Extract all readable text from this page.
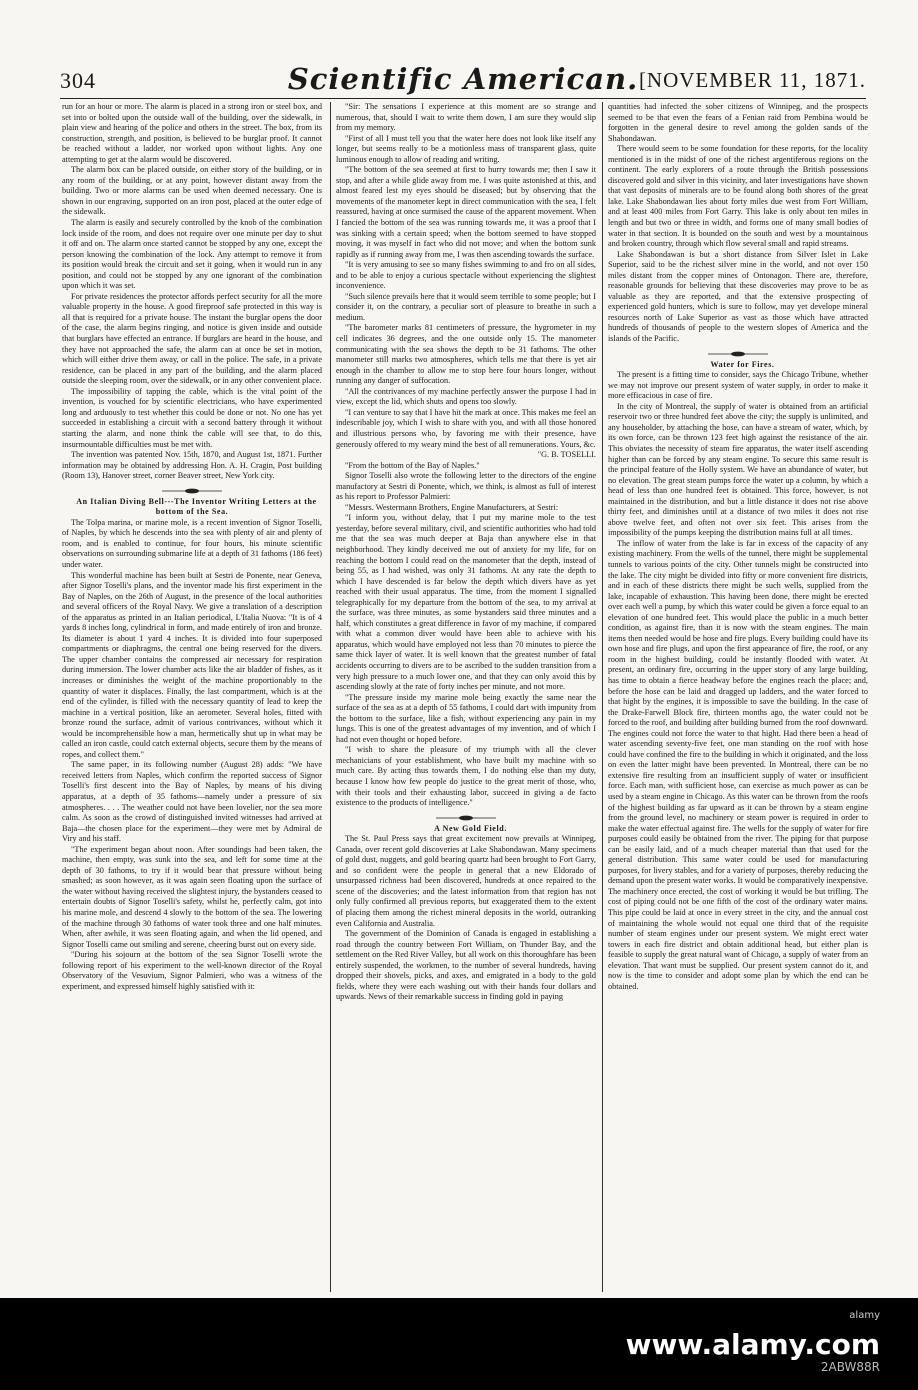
304	Scientific American. [NOVEMBER 11, 1871.

run for an hour or more. The alarm is placed in a strong iron or steel box, and set into or bolted upon the outside wall of the building, over the sidewalk, in plain view and hearing of the police and others in the street. The box, from its construction, strength, and position, is believed to be burglar proof. It cannot be reached without a ladder, nor worked upon without lights. Any one attempting to get at the alarm would be discovered.

The alarm box can be placed outside, on either story of the building, or in any room of the building, or at any point, however distant away from the building. Two or more alarms can be used when deemed necessary. One is shown in our engraving, supported on an iron post, placed at the outer edge of the sidewalk.

The alarm is easily and securely controlled by the knob of the combination lock inside of the room, and does not require over one minute per day to shut it off and on. The alarm once started cannot be stopped by any one, except the person knowing the combination of the lock. Any attempt to remove it from its position would break the circuit and set it going, when it would run in any position, and could not be stopped by any one ignorant of the combination upon which it was set.

For private residences the protector affords perfect security for all the more valuable property in the house. A good fireproof safe protected in this way is all that is required for a private house. The instant the burglar opens the door of the case, the alarm begins ringing, and notice is given inside and outside that burglars have effected an entrance. If burglars are heard in the house, and they have not approached the safe, the alarm can at once be set in motion, which will either drive them away, or call in the police. The safe, in a private residence, can be placed in any part of the building, and the alarm placed outside the sleeping room, over the sidewalk, or in any other convenient place.

The impossibility of tapping the cable, which is the vital point of the invention, is vouched for by scientific electricians, who have experimented long and arduously to test whether this could be done or not. No one has yet succeeded in establishing a circuit with a second battery through it without starting the alarm, and none think the cable will see that, to do this, insurmountable difficulties must be met with.

The invention was patented Nov. 15th, 1870, and August 1st, 1871. Further information may be obtained by addressing Hon. A. H. Cragin, Post building (Room 13), Hanover street, corner Beaver street, New York city.

An Italian Diving Bell---The Inventor Writing Letters at the bottom of the Sea.

The Tolpa marina, or marine mole, is a recent invention of Signor Toselli, of Naples, by which he descends into the sea with plenty of air and plenty of room, and is enabled to continue, for four hours, his minute scientific observations on surrounding submarine life at a depth of 31 fathoms (186 feet) under water.

This wonderful machine has been built at Sestri de Ponente, near Geneva, after Signor Toselli's plans, and the inventor made his first experiment in the Bay of Naples, on the 26th of August, in the presence of the local authorities and several officers of the Royal Navy. We give a translation of a description of the apparatus as printed in an Italian periodical, L'Italia Nuova: "It is of 4 yards 8 inches long, cylindrical in form, and made entirely of iron and bronze. Its diameter is about 1 yard 4 inches. It is divided into four superposed compartments or diaphragms, the central one being reserved for the divers. The upper chamber contains the compressed air necessary for respiration during immersion. The lower chamber acts like the air bladder of fishes, as it increases or diminishes the weight of the machine proportionably to the quantity of water it displaces. Finally, the last compartment, which is at the end of the cylinder, is filled with the necessary quantity of lead to keep the machine in a vertical position, like an aerometer. Several holes, fitted with bronze round the surface, admit of various contrivances, without which it would be incomprehensible how a man, hermetically shut up in what may be called an iron castle, could catch external objects, secure them by the means of ropes, and collect them."

The same paper, in its following number (August 28) adds: "We have received letters from Naples, which confirm the reported success of Signor Toselli's first descent into the Bay of Naples, by means of his diving apparatus, at a depth of 35 fathoms—namely under a pressure of six atmospheres. . . . The weather could not have been lovelier, nor the sea more calm. As soon as the crowd of distinguished invited witnesses had arrived at Baja—the chosen place for the experiment—they were met by Admiral de Viry and his staff.

"The experiment began about noon. After soundings had been taken, the machine, then empty, was sunk into the sea, and left for some time at the depth of 30 fathoms, to try if it would bear that pressure without being smashed; as soon however, as it was again seen floating upon the surface of the water without having received the slightest injury, the bystanders ceased to entertain doubts of Signor Toselli's safety, whilst he, perfectly calm, got into his marine mole, and descend 4 slowly to the bottom of the sea. The lowering of the machine through 30 fathoms of water took three and one half minutes. When, after awhile, it was seen floating again, and when the lid opened, and Signor Toselli came out smiling and serene, cheering burst out on every side.

"During his sojourn at the bottom of the sea Signor Toselli wrote the following report of his experiment to the well-known director of the Royal Observatory of the Vesuvium, Signor Palmieri, who was a witness of the experiment, and expressed himself highly satisfied with it:

"Sir: The sensations I experience at this moment are so strange and numerous, that, should I wait to write them down, I am sure they would slip from my memory.

"First of all I must tell you that the water here does not look like itself any longer, but seems really to be a motionless mass of transparent glass, quite luminous enough to allow of reading and writing.

"The bottom of the sea seemed at first to hurry towards me; then I saw it stop, and after a while glide away from me. I was quite astonished at this, and almost feared lest my eyes should be diseased; but by observing that the movements of the manometer kept in direct communication with the sea, I felt reassured, having at once surmised the cause of the apparent movement. When I fancied the bottom of the sea was running towards me, it was a proof that I was sinking with a certain speed; when the bottom seemed to have stopped moving, it was myself in fact who did not move; and when the bottom sunk rapidly as if running away from me, I was then ascending towards the surface.

"It is very amusing to see so many fishes swimming to and fro on all sides, and to be able to enjoy a curious spectacle without experiencing the slightest inconvenience.

"Such silence prevails here that it would seem terrible to some people; but I consider it, on the contrary, a peculiar sort of pleasure to breathe in such a medium.

"The barometer marks 81 centimeters of pressure, the hygrometer in my cell indicates 36 degrees, and the one outside only 15. The manometer communicating with the sea shows the depth to be 31 fathoms. The other manometer still marks two atmospheres, which tells me that there is yet air enough in the chamber to allow me to stop here four hours longer, without running any danger of suffocation.

"All the contrivances of my machine perfectly answer the purpose I had in view, except the lid, which shuts and opens too slowly.

"I can venture to say that I have hit the mark at once. This makes me feel an indescribable joy, which I wish to share with you, and with all those honored and illustrious persons who, by favoring me with their presence, have generously offered to my weary mind the best of all remunerations. Yours, &c.

"G. B. TOSELLI.

"From the bottom of the Bay of Naples."

Signor Toselli also wrote the following letter to the directors of the engine manufactory at Sestri di Ponente, which, we think, is almost as full of interest as his report to Professor Palmieri:

"Messrs. Westermann Brothers, Engine Manufacturers, at Sestri:

"I inform you, without delay, that I put my marine mole to the test yesterday, before several military, civil, and scientific authorities who had told me that the sea was much deeper at Baja than anywhere else in that neighborhood. They kindly deceived me out of anxiety for my life, for on reaching the bottom I could read on the manometer that the depth, instead of being 55, as I had wished, was only 31 fathoms. At any rate the depth to which I have descended is far below the depth which divers have as yet reached with their usual apparatus. The time, from the moment I signalled telegraphically for my departure from the bottom of the sea, to my arrival at the surface, was three minutes, as some bystanders said three minutes and a half, which constitutes a great difference in favor of my machine, if compared with what a common diver would have been able to achieve with his apparatus, which would have employed not less than 70 minutes to pierce the same thick layer of water. It is well known that the greatest number of fatal accidents occurring to divers are to be ascribed to the sudden transition from a very high pressure to a much lower one, and that they can only avoid this by ascending slowly at the rate of forty inches per minute, and not more.

"The pressure inside my marine mole being exactly the same near the surface of the sea as at a depth of 55 fathoms, I could dart with impunity from the bottom to the surface, like a fish, without experiencing any pain in my lungs. This is one of the greatest advantages of my invention, and of which I had not even thought or hoped before.

"I wish to share the pleasure of my triumph with all the clever mechanicians of your establishment, who have built my machine with so much care. By acting thus towards them, I do nothing else than my duty, because I know how few people do justice to the great merit of those, who, with their tools and their exhausting labor, succeed in giving a de facto existence to the products of intelligence."

A New Gold Field.

The St. Paul Press says that great excitement now prevails at Winnipeg, Canada, over recent gold discoveries at Lake Shabondawan. Many specimens of gold dust, nuggets, and gold bearing quartz had been brought to Fort Garry, and so confident were the people in general that a new Eldorado of unsurpassed richness had been discovered, hundreds at once repaired to the scene of the discoveries; and the latest information from that region has not only fully confirmed all previous reports, but exaggerated them to the extent of placing them among the richest mineral deposits in the world, outranking even California and Australia.

The government of the Dominion of Canada is engaged in establishing a road through the country between Fort William, on Thunder Bay, and the settlement on the Red River Valley, but all work on this thoroughfare has been entirely suspended, the workmen, to the number of several hundreds, having dropped their shovels, picks, and axes, and emigrated in a body to the gold fields, where they were each washing out with their hands four dollars and upwards. News of their remarkable success in finding gold in paying

quantities had infected the sober citizens of Winnipeg, and the prospects seemed to be that even the fears of a Fenian raid from Pembina would be forgotten in the general desire to revel among the golden sands of the Shabondawan.

There would seem to be some foundation for these reports, for the locality mentioned is in the midst of one of the richest argentiferous regions on the continent. The early explorers of a route through the British possessions discovered gold and silver in this vicinity, and later investigations have shown that vast deposits of minerals are to be found along both shores of the great lake. Lake Shabondawan lies about forty miles due west from Fort William, and at least 400 miles from Fort Garry. This lake is only about ten miles in length and but two or three in width, and forms one of many small bodies of water in that section. It is bounded on the south and west by a mountainous and broken country, through which flow several small and rapid streams.

Lake Shabondawan is but a short distance from Silver Islet in Lake Superior, said to be the richest silver mine in the world, and not over 150 miles distant from the copper mines of Ontonagon. There are, therefore, reasonable grounds for believing that these discoveries may prove to be as valuable as they are reported, and that the extensive prospecting of experienced gold hunters, which is sure to follow, may yet develope mineral resources north of Lake Superior as vast as those which have attracted hundreds of thousands of people to the western slopes of America and the islands of the Pacific.

Water for Fires.

The present is a fitting time to consider, says the Chicago Tribune, whether we may not improve our present system of water supply, in order to make it more efficacious in case of fire.

In the city of Montreal, the supply of water is obtained from an artificial reservoir two or three hundred feet above the city; the supply is unlimited, and any householder, by attaching the hose, can have a stream of water, which, by its own force, can be thrown 123 feet high against the resistance of the air. This obviates the necessity of steam fire apparatus, the water itself ascending higher than can be forced by any steam engine. To secure this same result is the principal feature of the Holly system. We have an abundance of water, but no elevation. The great steam pumps force the water up a column, by which a head of less than one hundred feet is obtained. This force, however, is not maintained in the distribution, and but a little distance it does not rise above thirty feet, and diminishes until at a distance of two miles it does not rise above twelve feet, and often not over six feet. This arises from the impossibility of the pumps keeping the distribution mains full at all times.

The inflow of water from the lake is far in excess of the capacity of any existing machinery. From the wells of the tunnel, there might be supplemental tunnels to various points of the city. Other tunnels might be constructed into the lake. The city might be divided into fifty or more convenient fire districts, and in each of these districts there might be such wells, supplied from the lake, incapable of exhaustion. This having been done, there might be erected over each well a pump, by which this water could be given a force equal to an elevation of one hundred feet. This would place the public in a much better condition, as against fire, than it is now with the steam engines. The main items then needed would be hose and fire plugs. Every building could have its own hose and fire plugs, and upon the first appearance of fire, the roof, or any room in the highest building, could be instantly flooded with water. At present, an ordinary fire, occurring in the upper story of any large building, has time to obtain a fierce headway before the engines reach the place; and, before the hose can be laid and dragged up ladders, and the water forced to that hight by the engines, it is impossible to save the building. In the case of the Drake-Farwell Block fire, thirteen months ago, the water could not be forced to the roof, and building after building burned from the roof downward. The engines could not force the water to that hight. Had there been a head of water ascending seventy-five feet, one man standing on the roof with hose could have confined the fire to the building in which it originated, and the loss on even the latter might have been prevented. In Montreal, there can be no extensive fire resulting from an insufficient supply of water or insufficient force. Each man, with sufficient hose, can exercise as much power as can be used by a steam engine in Chicago. As this water can be thrown from the roofs of the highest building as far upward as it can be thrown by a steam engine from the ground level, no machinery or steam power is required in order to make the water effectual against fire. The wells for the supply of water for fire purposes could easily be obtained from the river. The piping for that purpose can be easily laid, and of a much cheaper material than that used for the general distribution. This same water could be used for manufacturing purposes, for livery stables, and for a variety of purposes, thereby reducing the demand upon the present water works. It would be comparatively inexpensive. The machinery once erected, the cost of working it would be but trifling. The cost of piping could not be one fifth of the cost of the ordinary water mains. This pipe could be laid at once in every street in the city, and the annual cost of maintaining the whole would not equal one third that of the requisite number of steam engines under our present system. We might erect water towers in each fire district and obtain additional head, but either plan is feasible to supply the great natural want of Chicago, a supply of water from an elevation. That want must be supplied. Our present system cannot do it, and now is the time to consider and adopt some plan by which the end can be obtained.

alamy
www.alamy.com
2ABW88R
